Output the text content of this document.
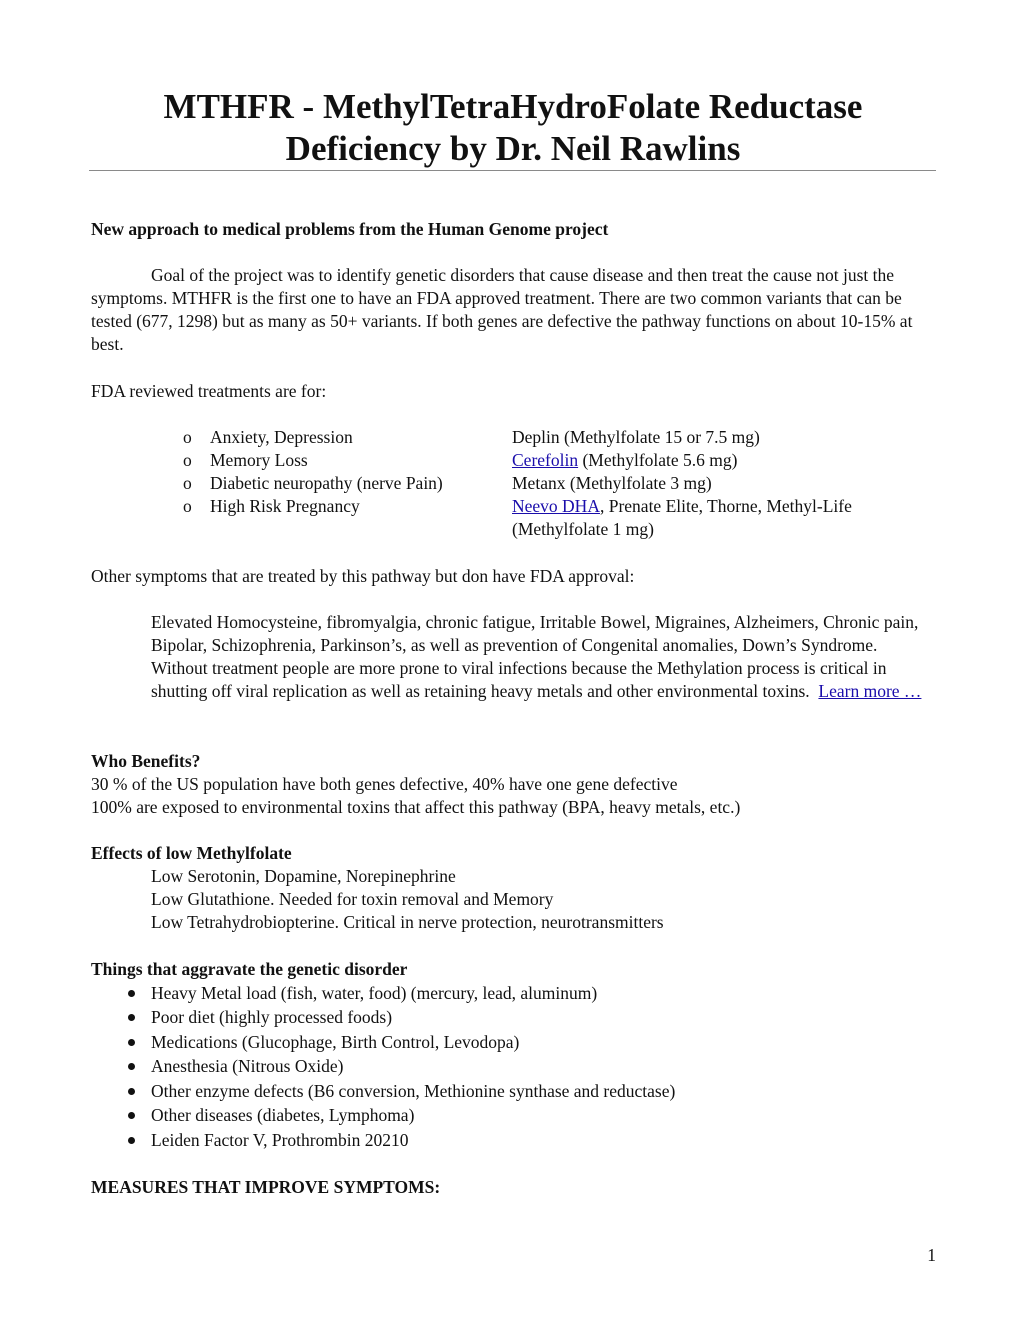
MTHFR - MethylTetraHydroFolate Reductase
Deficiency by Dr. Neil Rawlins

New approach to medical problems from the Human Genome project

Goal of the project was to identify genetic disorders that cause disease and then treat the cause not just the symptoms. MTHFR is the first one to have an FDA approved treatment. There are two common variants that can be tested (677, 1298) but as many as 50+ variants. If both genes are defective the pathway functions on about 10-15% at best.

FDA reviewed treatments are for:

o	Anxiety, Depression	Deplin (Methylfolate 15 or 7.5 mg)
o	Memory Loss	Cerefolin (Methylfolate 5.6 mg)
o	Diabetic neuropathy (nerve Pain)	Metanx (Methylfolate 3 mg)
o	High Risk Pregnancy	Neevo DHA, Prenate Elite, Thorne, Methyl-Life
(Methylfolate 1 mg)

Other symptoms that are treated by this pathway but don have FDA approval:

Elevated Homocysteine, fibromyalgia, chronic fatigue, Irritable Bowel, Migraines, Alzheimers, Chronic pain, Bipolar, Schizophrenia, Parkinson’s, as well as prevention of Congenital anomalies, Down’s Syndrome. Without treatment people are more prone to viral infections because the Methylation process is critical in shutting off viral replication as well as retaining heavy metals and other environmental toxins. Learn more …

Who Benefits?

30 % of the US population have both genes defective, 40% have one gene defective

100% are exposed to environmental toxins that affect this pathway (BPA, heavy metals, etc.)

Effects of low Methylfolate

Low Serotonin, Dopamine, Norepinephrine

Low Glutathione. Needed for toxin removal and Memory

Low Tetrahydrobiopterine. Critical in nerve protection, neurotransmitters

Things that aggravate the genetic disorder

Heavy Metal load (fish, water, food) (mercury, lead, aluminum)
Poor diet (highly processed foods)
Medications (Glucophage, Birth Control, Levodopa)
Anesthesia (Nitrous Oxide)
Other enzyme defects (B6 conversion, Methionine synthase and reductase)
Other diseases (diabetes, Lymphoma)
Leiden Factor V, Prothrombin 20210

MEASURES THAT IMPROVE SYMPTOMS:

1
